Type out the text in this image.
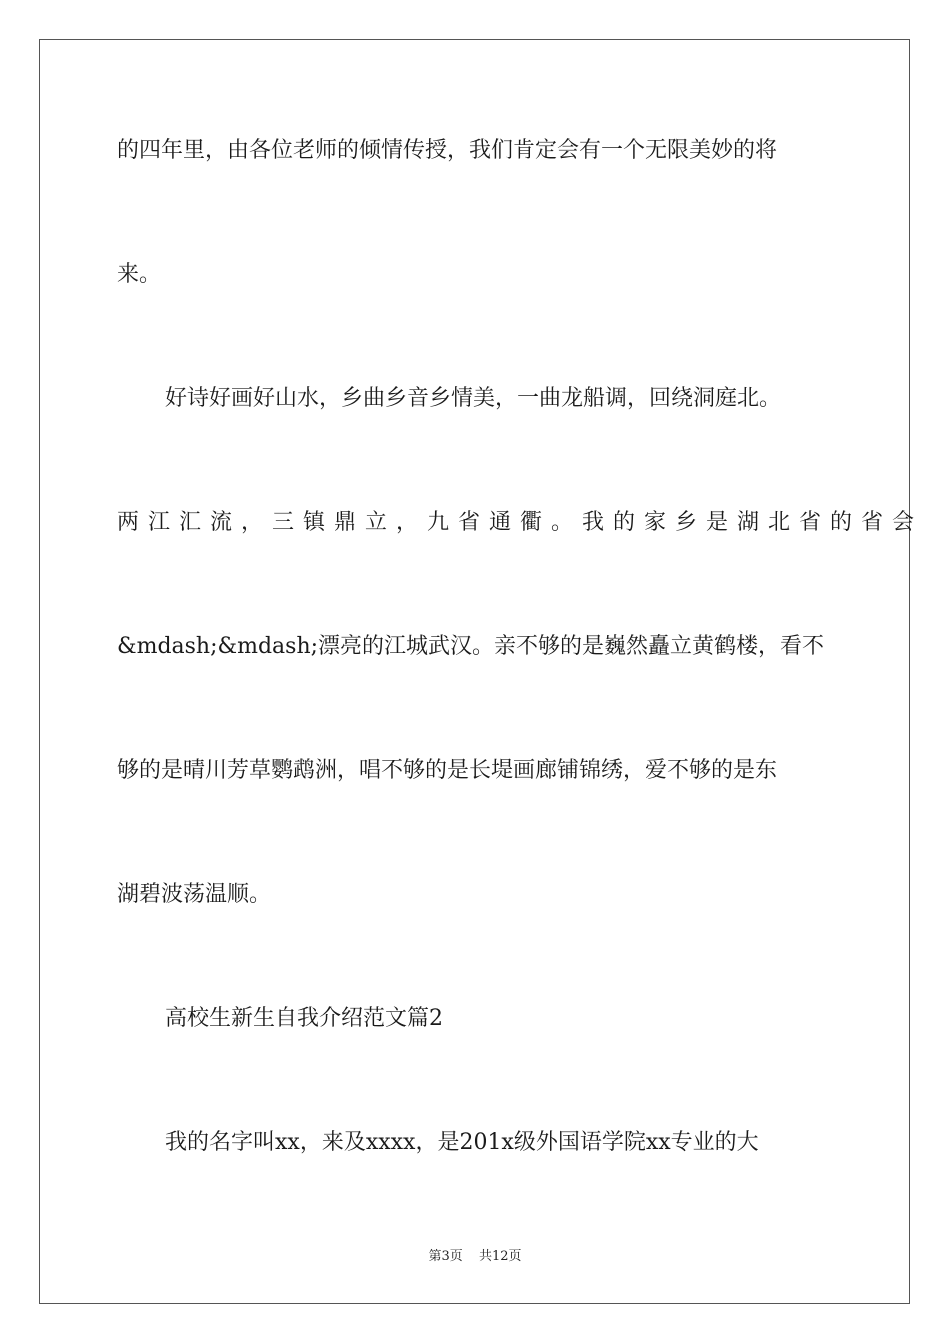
的四年里，由各位老师的倾情传授，我们肯定会有一个无限美妙的将
来。
好诗好画好山水，乡曲乡音乡情美，一曲龙船调，回绕洞庭北。
两江汇流，三镇鼎立，九省通衢。我的家乡是湖北省的省会
&mdash;&mdash;漂亮的江城武汉。亲不够的是巍然矗立黄鹤楼，看不
够的是晴川芳草鹦鹉洲，唱不够的是长堤画廊铺锦绣，爱不够的是东
湖碧波荡温顺。
高校生新生自我介绍范文篇2
我的名字叫xx，来及xxxx，是201x级外国语学院xx专业的大
第3页 共12页
